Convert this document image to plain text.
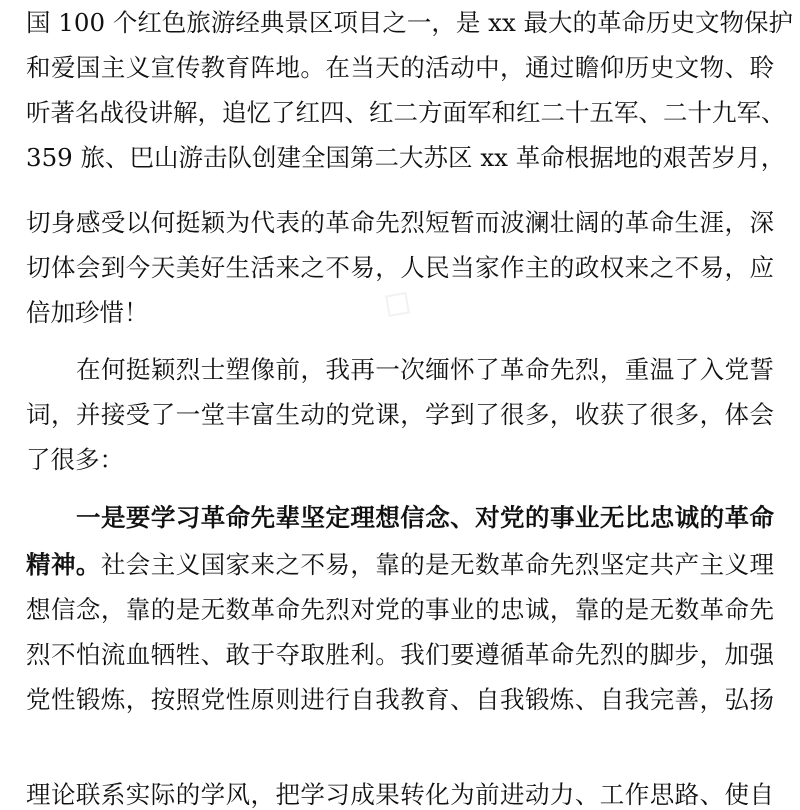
◇
国 100 个红色旅游经典景区项目之一，是 xx 最大的革命历史文物保护
和爱国主义宣传教育阵地。在当天的活动中，通过瞻仰历史文物、聆
听著名战役讲解，追忆了红四、红二方面军和红二十五军、二十九军、
359 旅、巴山游击队创建全国第二大苏区 xx 革命根据地的艰苦岁月，
切身感受以何挺颖为代表的革命先烈短暂而波澜壮阔的革命生涯，深
切体会到今天美好生活来之不易，人民当家作主的政权来之不易，应
倍加珍惜！
在何挺颖烈士塑像前，我再一次缅怀了革命先烈，重温了入党誓
词，并接受了一堂丰富生动的党课，学到了很多，收获了很多，体会
了很多：
一是要学习革命先辈坚定理想信念、对党的事业无比忠诚的革命
精神。社会主义国家来之不易，靠的是无数革命先烈坚定共产主义理
想信念，靠的是无数革命先烈对党的事业的忠诚，靠的是无数革命先
烈不怕流血牺牲、敢于夺取胜利。我们要遵循革命先烈的脚步，加强
党性锻炼，按照党性原则进行自我教育、自我锻炼、自我完善，弘扬
理论联系实际的学风，把学习成果转化为前进动力、工作思路、使自
